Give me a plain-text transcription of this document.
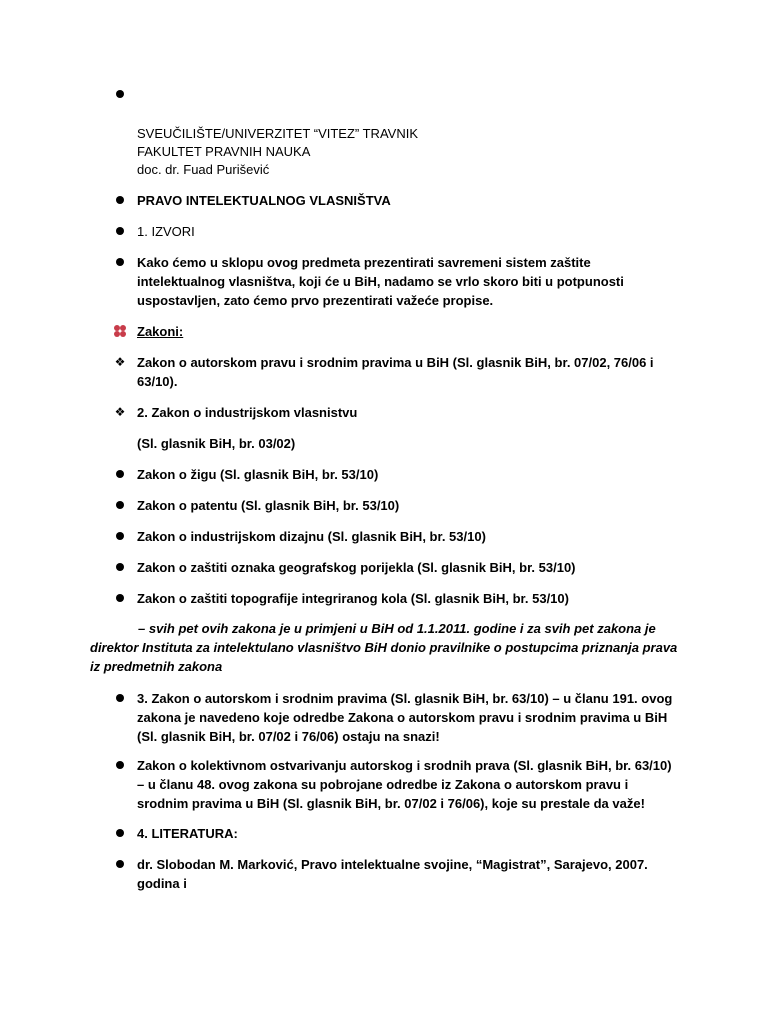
SVEUČILIŠTE/UNIVERZITET “VITEZ” TRAVNIK
FAKULTET PRAVNIH NAUKA
doc. dr. Fuad Purišević
PRAVO INTELEKTUALNOG VLASNIŠTVA
1. IZVORI
Kako ćemo u sklopu ovog predmeta prezentirati savremeni sistem zaštite intelektualnog vlasništva, koji će u BiH, nadamo se vrlo skoro biti u potpunosti uspostavljen, zato ćemo prvo prezentirati važeće propise.
Zakoni:
❖ Zakon o autorskom pravu i srodnim pravima u BiH (Sl. glasnik BiH, br. 07/02, 76/06 i 63/10).
❖ 2. Zakon o industrijskom vlasnistvu
(Sl. glasnik BiH, br. 03/02)
Zakon o žigu (Sl. glasnik BiH, br. 53/10)
Zakon o patentu (Sl. glasnik BiH, br. 53/10)
Zakon o industrijskom dizajnu (Sl. glasnik BiH, br. 53/10)
Zakon o zaštiti oznaka geografskog porijekla (Sl. glasnik BiH, br. 53/10)
Zakon o zaštiti topografije integriranog kola (Sl. glasnik BiH, br. 53/10)
– svih pet ovih zakona je u primjeni u BiH od 1.1.2011. godine i za svih pet zakona je
direktor Instituta za intelektulano vlasništvo BiH donio pravilnike o postupcima priznanja prava iz predmetnih zakona
3. Zakon o autorskom i srodnim pravima (Sl. glasnik BiH, br. 63/10) – u članu 191. ovog zakona je navedeno koje odredbe Zakona o autorskom pravu i srodnim pravima u BiH (Sl. glasnik BiH, br. 07/02 i 76/06) ostaju na snazi!
Zakon o kolektivnom ostvarivanju autorskog i srodnih prava (Sl. glasnik BiH, br. 63/10) – u članu 48. ovog zakona su pobrojane odredbe iz Zakona o autorskom pravu i srodnim pravima u BiH (Sl. glasnik BiH, br. 07/02 i 76/06), koje su prestale da važe!
4. LITERATURA:
dr. Slobodan M. Marković, Pravo intelektualne svojine, “Magistrat”, Sarajevo, 2007. godina i
